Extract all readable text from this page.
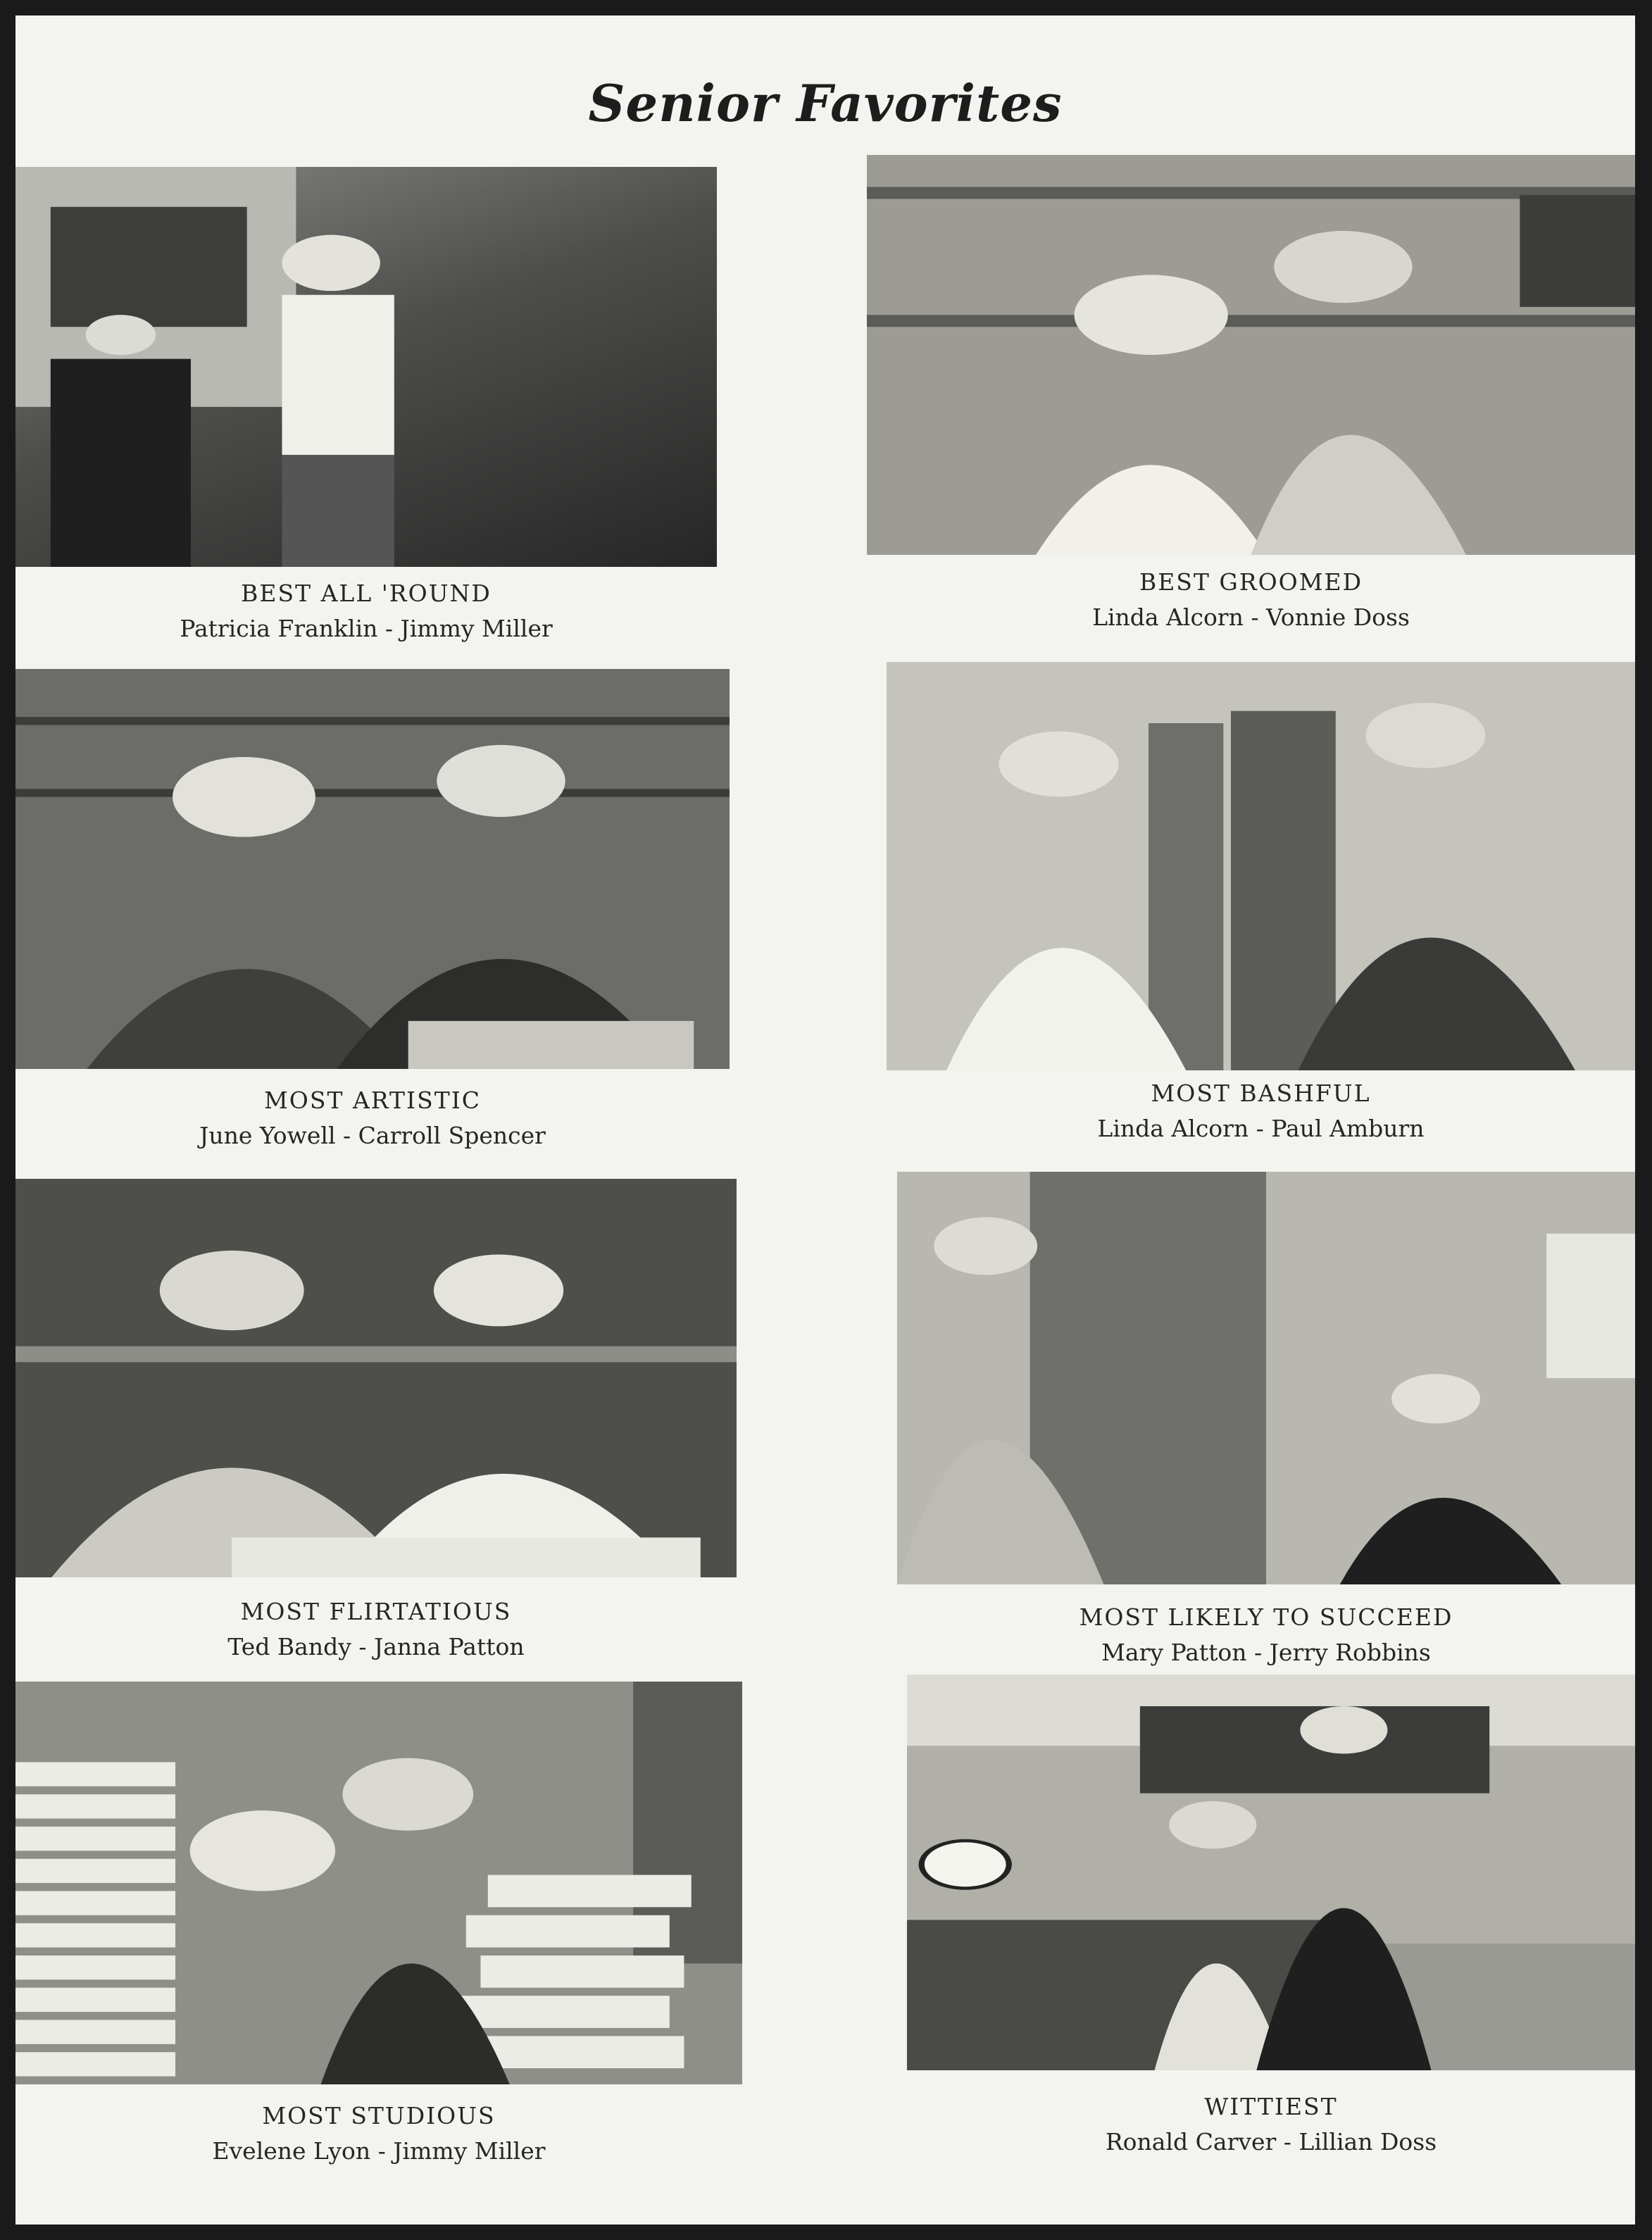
Senior Favorites
BEST ALL 'ROUND
Patricia Franklin - Jimmy Miller
BEST GROOMED
Linda Alcorn - Vonnie Doss
MOST ARTISTIC
June Yowell - Carroll Spencer
MOST BASHFUL
Linda Alcorn - Paul Amburn
MOST FLIRTATIOUS
Ted Bandy - Janna Patton
MOST LIKELY TO SUCCEED
Mary Patton - Jerry Robbins
MOST STUDIOUS
Evelene Lyon - Jimmy Miller
WITTIEST
Ronald Carver - Lillian Doss
